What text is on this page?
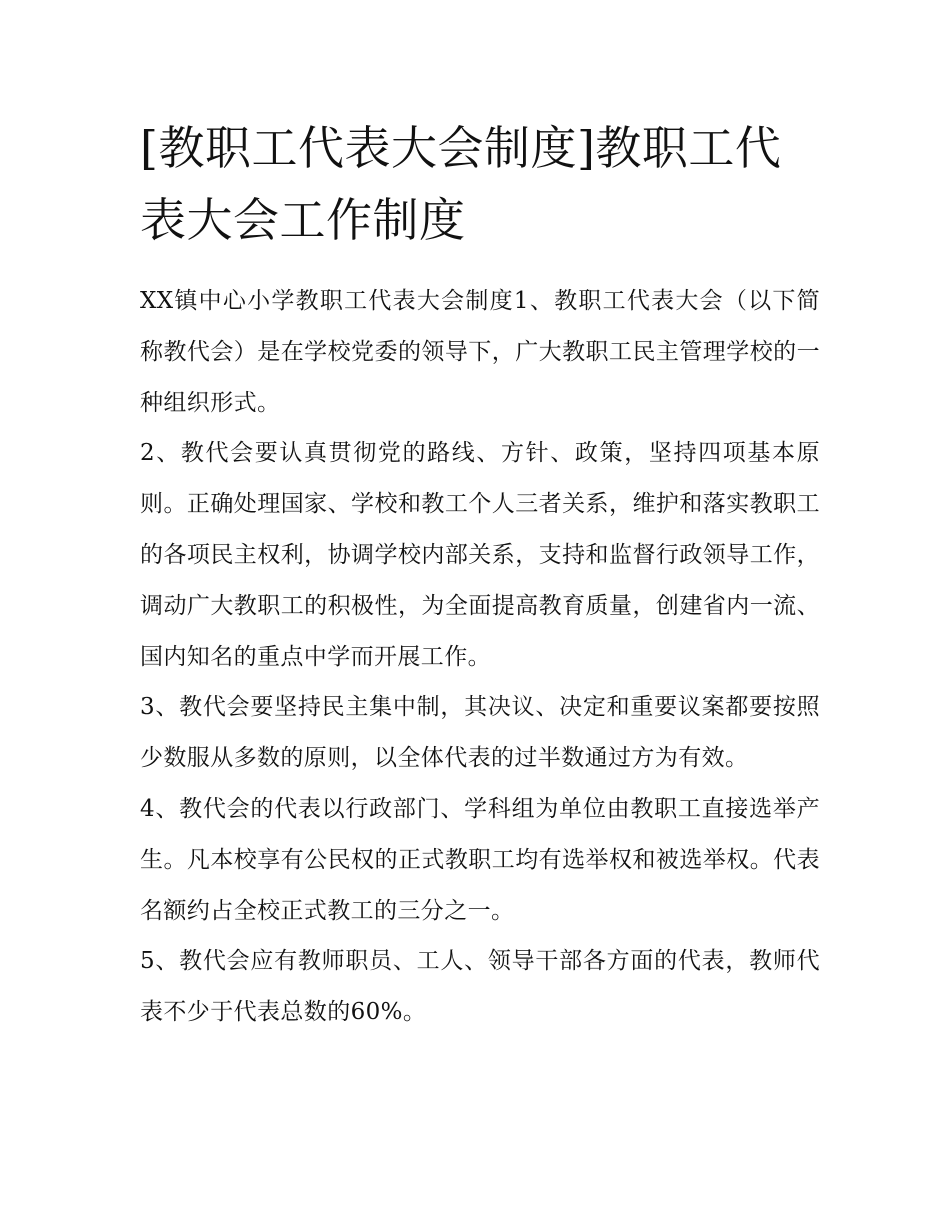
[教职工代表大会制度]教职工代表大会工作制度

XX镇中心小学教职工代表大会制度1、教职工代表大会（以下简称教代会）是在学校党委的领导下，广大教职工民主管理学校的一种组织形式。

2、教代会要认真贯彻党的路线、方针、政策，坚持四项基本原则。正确处理国家、学校和教工个人三者关系，维护和落实教职工的各项民主权利，协调学校内部关系，支持和监督行政领导工作，调动广大教职工的积极性，为全面提高教育质量，创建省内一流、国内知名的重点中学而开展工作。

3、教代会要坚持民主集中制，其决议、决定和重要议案都要按照少数服从多数的原则，以全体代表的过半数通过方为有效。

4、教代会的代表以行政部门、学科组为单位由教职工直接选举产生。凡本校享有公民权的正式教职工均有选举权和被选举权。代表名额约占全校正式教工的三分之一。

5、教代会应有教师职员、工人、领导干部各方面的代表，教师代表不少于代表总数的60%。
